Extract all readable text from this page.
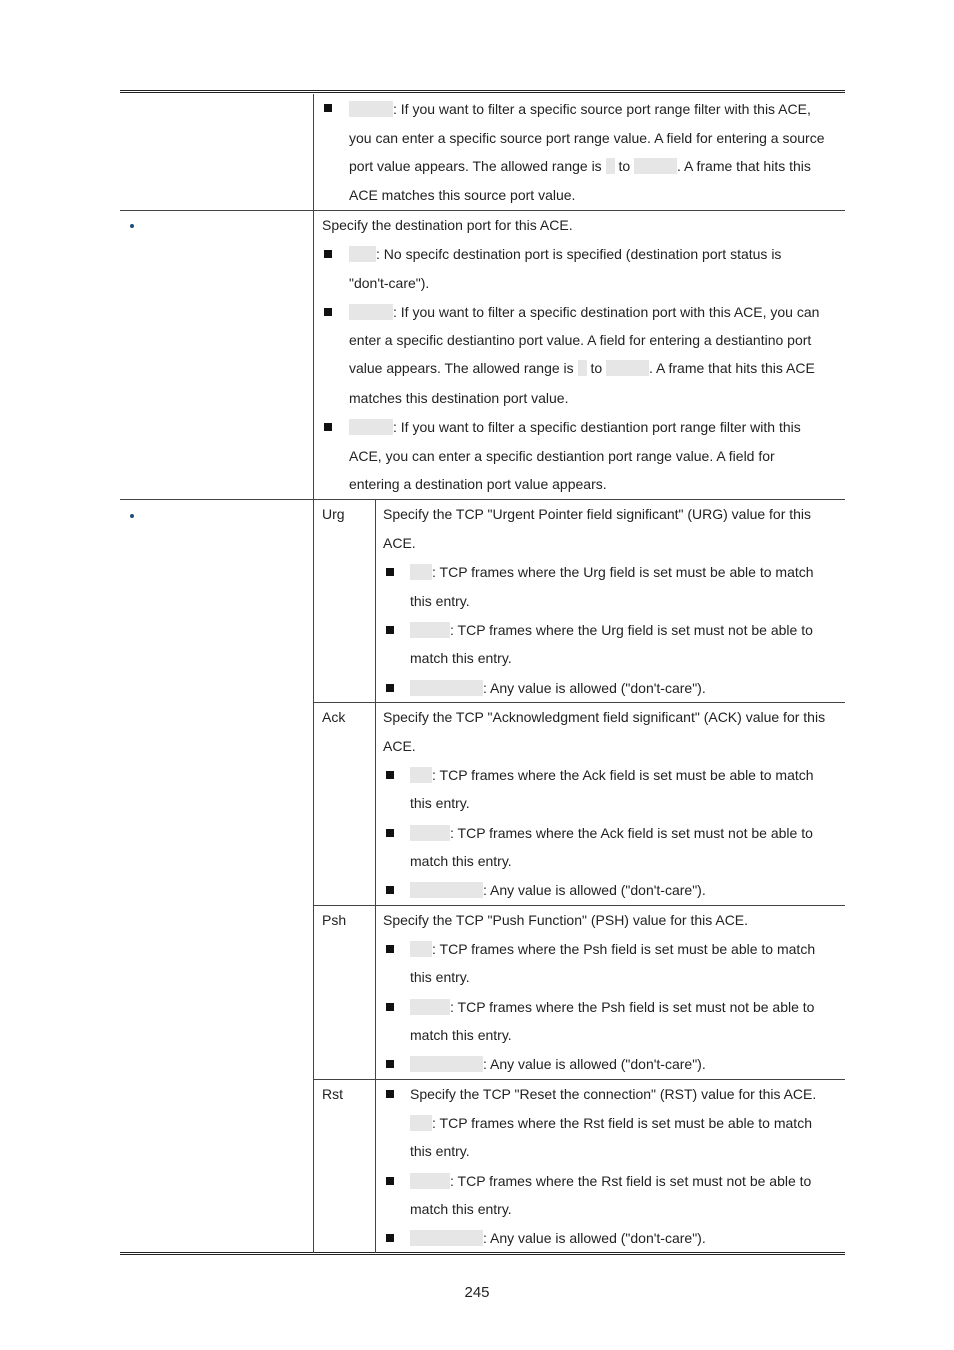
: If you want to filter a specific source port range filter with this ACE,
you can enter a specific source port range value. A field for entering a source
port value appears. The allowed range is to	. A frame that hits this
ACE matches this source port value.
Specify the destination port for this ACE.
: No specifc destination port is specified (destination port status is
"don't-care").
: If you want to filter a specific destination port with this ACE, you can
enter a specific destiantino port value. A field for entering a destiantino port
value appears. The allowed range is to	. A frame that hits this ACE
matches this destination port value.
: If you want to filter a specific destiantion port range filter with this
ACE, you can enter a specific destiantion port range value. A field for
entering a destination port value appears.
Urg	Specify the TCP "Urgent Pointer field significant" (URG) value for this
ACE.
: TCP frames where the Urg field is set must be able to match
this entry.
: TCP frames where the Urg field is set must not be able to
match this entry.
: Any value is allowed ("don't-care").
Ack	Specify the TCP "Acknowledgment field significant" (ACK) value for this
ACE.
: TCP frames where the Ack field is set must be able to match
this entry.
: TCP frames where the Ack field is set must not be able to
match this entry.
: Any value is allowed ("don't-care").
Psh	Specify the TCP "Push Function" (PSH) value for this ACE.
: TCP frames where the Psh field is set must be able to match
this entry.
: TCP frames where the Psh field is set must not be able to
match this entry.
: Any value is allowed ("don't-care").
Rst	Specify the TCP "Reset the connection" (RST) value for this ACE.
: TCP frames where the Rst field is set must be able to match
this entry.
: TCP frames where the Rst field is set must not be able to
match this entry.
: Any value is allowed ("don't-care").
245
